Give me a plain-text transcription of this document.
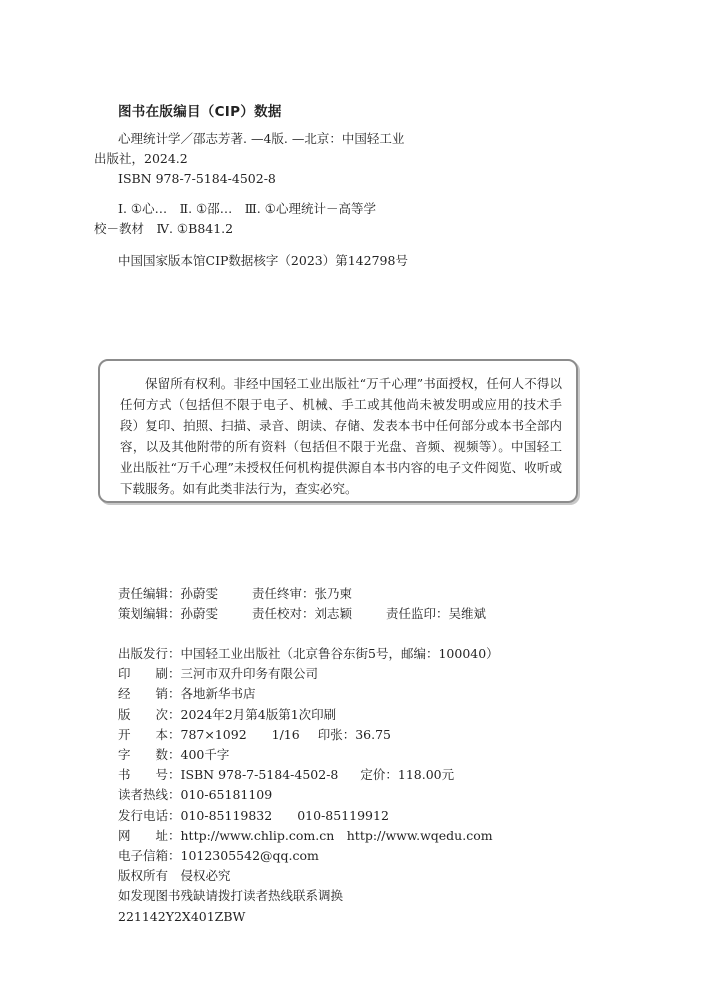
图书在版编目（CIP）数据
心理统计学／邵志芳著. —4版. —北京：中国轻工业
出版社，2024.2
ISBN 978-7-5184-4502-8
Ⅰ. ①心…　Ⅱ. ①邵…　Ⅲ. ①心理统计－高等学
校－教材　Ⅳ. ①B841.2
中国国家版本馆CIP数据核字（2023）第142798号

保留所有权利。非经中国轻工业出版社“万千心理”书面授权，任何人不得以任何方式（包括但不限于电子、机械、手工或其他尚未被发明或应用的技术手段）复印、拍照、扫描、录音、朗读、存储、发表本书中任何部分或本书全部内容，以及其他附带的所有资料（包括但不限于光盘、音频、视频等）。中国轻工业出版社“万千心理”未授权任何机构提供源自本书内容的电子文件阅览、收听或下载服务。如有此类非法行为，查实必究。

责任编辑：孙蔚雯	责任终审：张乃柬
策划编辑：孙蔚雯	责任校对：刘志颖	责任监印：吴维斌
出版发行：中国轻工业出版社（北京鲁谷东街5号，邮编：100040）
印　　刷：三河市双升印务有限公司
经　　销：各地新华书店
版　　次：2024年2月第4版第1次印刷
开　　本：787×1092　　1/16 印张：36.75
字　　数：400千字
书　　号：ISBN 978-7-5184-4502-8 定价：118.00元
读者热线：010-65181109
发行电话：010-85119832　　010-85119912
网　　址：http://www.chlip.com.cn　http://www.wqedu.com
电子信箱：1012305542@qq.com
版权所有　侵权必究
如发现图书残缺请拨打读者热线联系调换
221142Y2X401ZBW
